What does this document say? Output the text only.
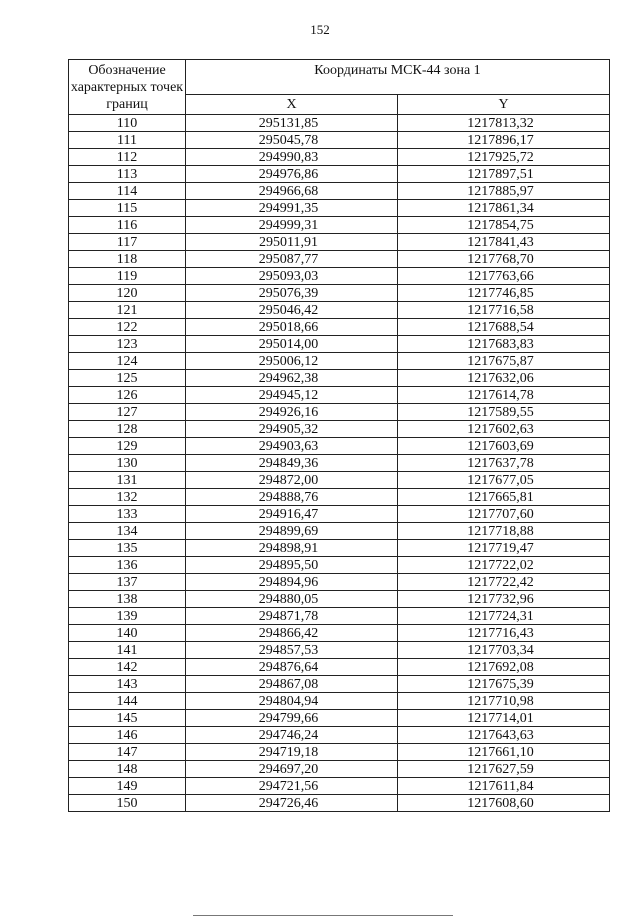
152
Обозначение характерных точек границ	Координаты МСК-44 зона 1	
	X	Y
110	295131,85	1217813,32
111	295045,78	1217896,17
112	294990,83	1217925,72
113	294976,86	1217897,51
114	294966,68	1217885,97
115	294991,35	1217861,34
116	294999,31	1217854,75
117	295011,91	1217841,43
118	295087,77	1217768,70
119	295093,03	1217763,66
120	295076,39	1217746,85
121	295046,42	1217716,58
122	295018,66	1217688,54
123	295014,00	1217683,83
124	295006,12	1217675,87
125	294962,38	1217632,06
126	294945,12	1217614,78
127	294926,16	1217589,55
128	294905,32	1217602,63
129	294903,63	1217603,69
130	294849,36	1217637,78
131	294872,00	1217677,05
132	294888,76	1217665,81
133	294916,47	1217707,60
134	294899,69	1217718,88
135	294898,91	1217719,47
136	294895,50	1217722,02
137	294894,96	1217722,42
138	294880,05	1217732,96
139	294871,78	1217724,31
140	294866,42	1217716,43
141	294857,53	1217703,34
142	294876,64	1217692,08
143	294867,08	1217675,39
144	294804,94	1217710,98
145	294799,66	1217714,01
146	294746,24	1217643,63
147	294719,18	1217661,10
148	294697,20	1217627,59
149	294721,56	1217611,84
150	294726,46	1217608,60
